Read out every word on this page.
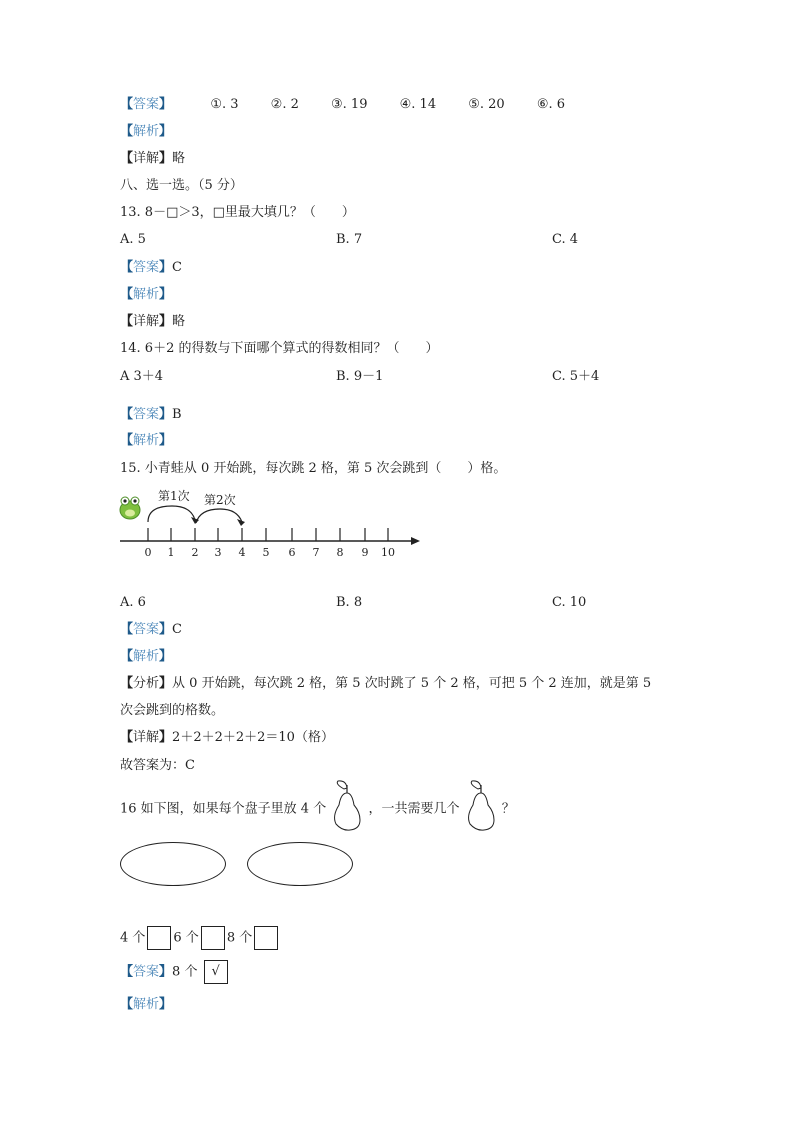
【答案】	①. 3 ②. 2 ③. 19 ④. 14 ⑤. 20 ⑥. 6
【解析】
【详解】略
八、选一选。（5 分）
13. 8－□＞3，□里最大填几？（　　）
A. 5	B. 7	C. 4
【答案】C
【解析】
【详解】略
14. 6＋2 的得数与下面哪个算式的得数相同？（　　）
A 3＋4	B. 9－1	C. 5＋4
【答案】B
【解析】
15. 小青蛙从 0 开始跳，每次跳 2 格，第 5 次会跳到（　　）格。
第1次 第2次
0 1 2 3 4 5 6 7 8 9 10
A. 6	B. 8	C. 10
【答案】C
【解析】
【分析】从 0 开始跳，每次跳 2 格，第 5 次时跳了 5 个 2 格，可把 5 个 2 连加，就是第 5
次会跳到的格数。
【详解】2＋2＋2＋2＋2＝10（格）
故答案为：C
16 如下图，如果每个盘子里放 4 个	，一共需要几个	？
4 个 6 个 8 个
【答案】8 个 √
【解析】
